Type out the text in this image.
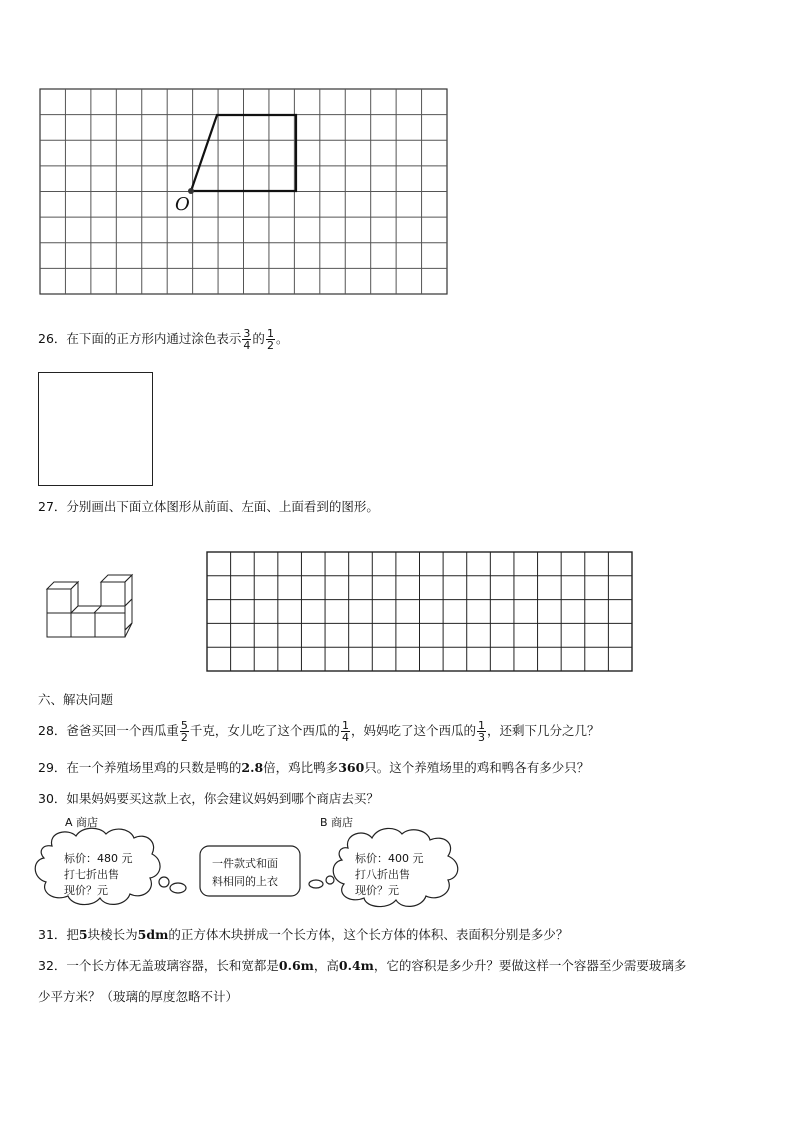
O
26．在下面的正方形内通过涂色表示 $\frac{3}{4}$ 的 $\frac{1}{2}$ 。
27．分别画出下面立体图形从前面、左面、上面看到的图形。
六、解决问题
28．爸爸买回一个西瓜重 $\frac{5}{2}$ 千克，女儿吃了这个西瓜的 $\frac{1}{4}$ ，妈妈吃了这个西瓜的 $\frac{1}{3}$ ，还剩下几分之几？
29．在一个养殖场里鸡的只数是鸭的2.8倍，鸡比鸭多360只。这个养殖场里的鸡和鸭各有多少只？
30．如果妈妈要买这款上衣，你会建议妈妈到哪个商店去买？
A 商店	B 商店
标价：480 元
打七折出售
现价？元
一件款式和面
料相同的上衣
标价：400 元
打八折出售
现价？元
31．把5块棱长为5dm的正方体木块拼成一个长方体，这个长方体的体积、表面积分别是多少？
32．一个长方体无盖玻璃容器，长和宽都是0.6m，高0.4m，它的容积是多少升？要做这样一个容器至少需要玻璃多
少平方米？（玻璃的厚度忽略不计）
